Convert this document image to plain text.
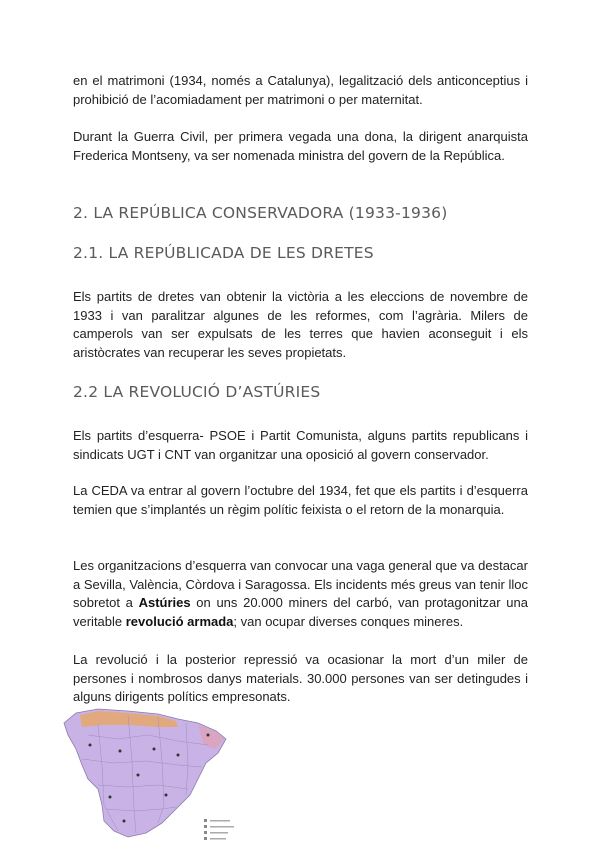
en el matrimoni (1934, només a Catalunya), legalització dels anticonceptius i prohibició de l’acomiadament per matrimoni o per maternitat.

Durant la Guerra Civil, per primera vegada una dona, la dirigent anarquista Frederica Montseny, va ser nomenada ministra del govern de la República.

2. LA REPÚBLICA CONSERVADORA (1933-1936)
2.1. LA REPÚBLICADA DE LES DRETES

Els partits de dretes van obtenir la victòria a les eleccions de novembre de 1933 i van paralitzar algunes de les reformes, com l’agrària. Milers de camperols van ser expulsats de les terres que havien aconseguit i els aristòcrates van recuperar les seves propietats.

2.2 LA REVOLUCIÓ D’ASTÚRIES

Els partits d’esquerra- PSOE i Partit Comunista, alguns partits republicans i sindicats UGT i CNT van organitzar una oposició al govern conservador.

La CEDA va entrar al govern l’octubre del 1934, fet que els partits i d’esquerra temien que s’implantés un règim polític feixista o el retorn de la monarquia.

Les organitzacions d’esquerra van convocar una vaga general que va destacar a Sevilla, València, Còrdova i Saragossa. Els incidents més greus van tenir lloc sobretot a Astúries on uns 20.000 miners del carbó, van protagonitzar una veritable revolució armada; van ocupar diverses conques mineres.

La revolució i la posterior repressió va ocasionar la mort d’un miler de persones i nombrosos danys materials. 30.000 persones van ser detingudes i alguns dirigents polítics empresonats.
